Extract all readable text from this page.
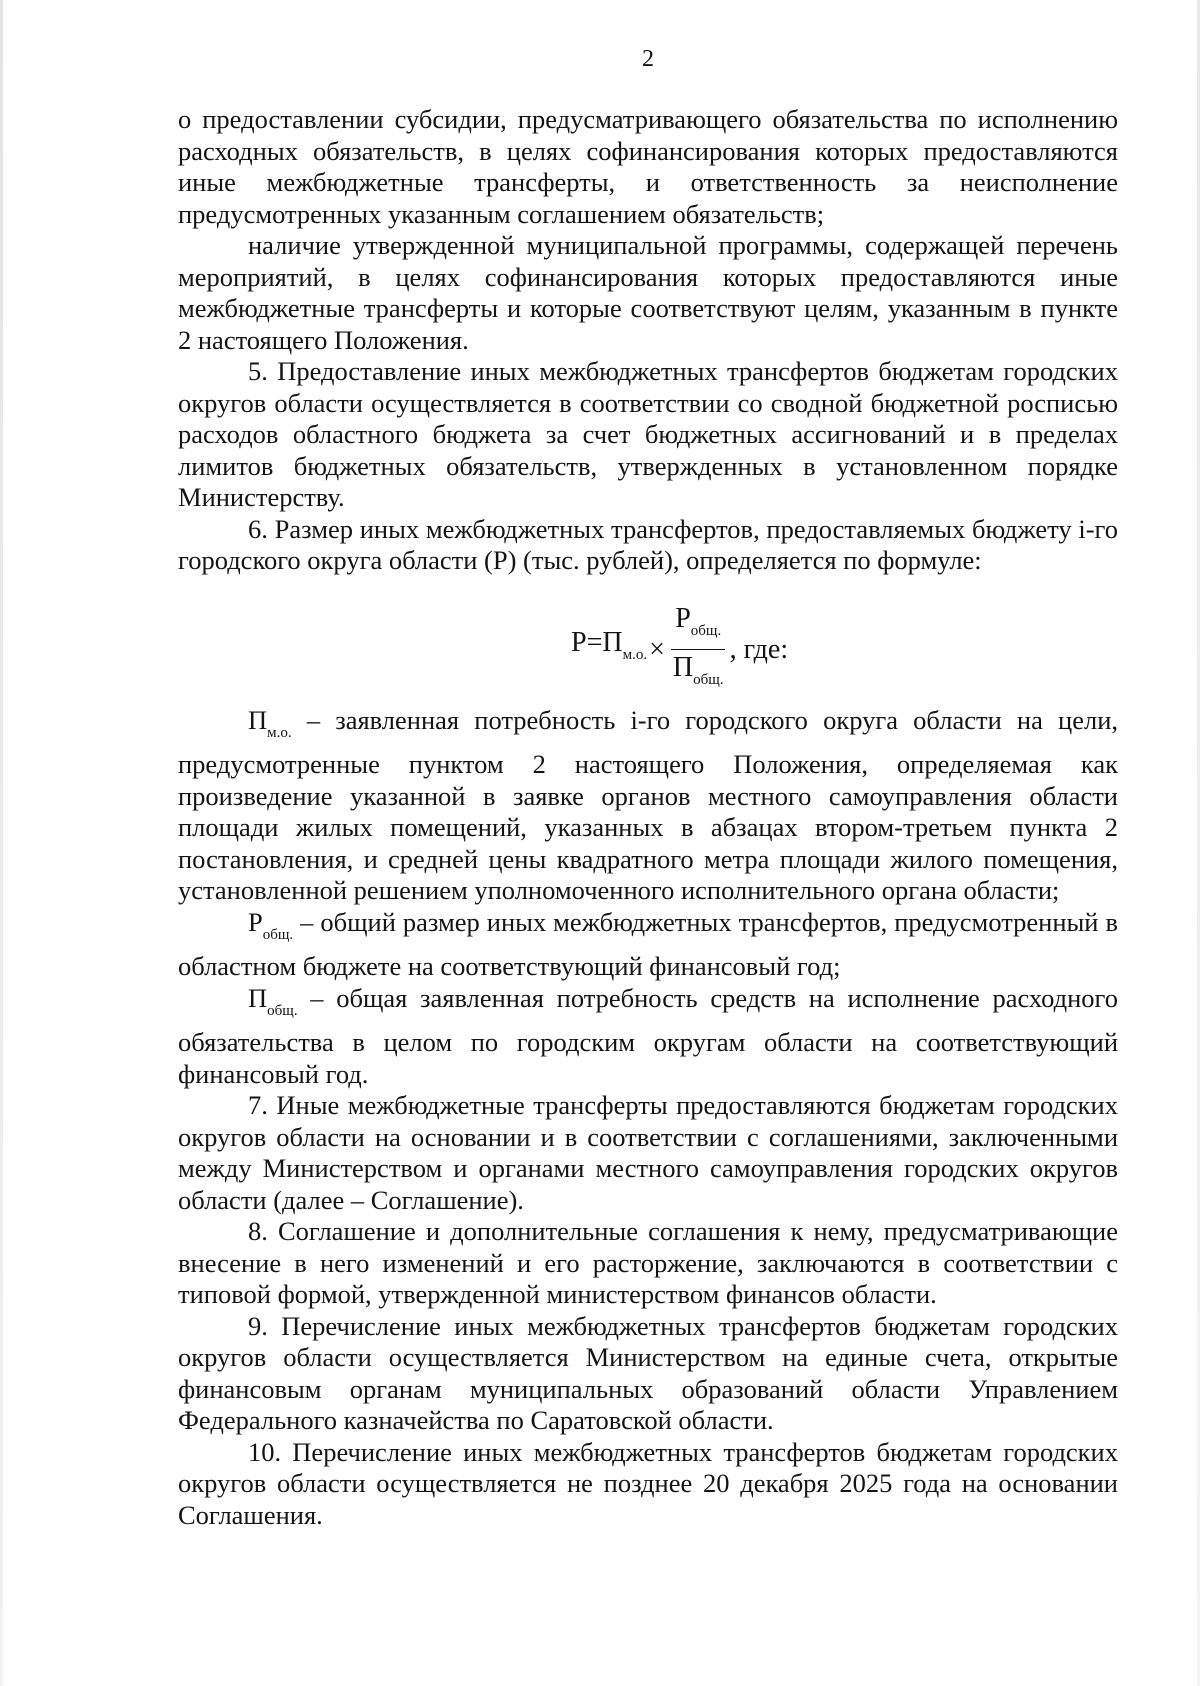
2

о предоставлении субсидии, предусматривающего обязательства по исполнению расходных обязательств, в целях софинансирования которых предоставляются иные межбюджетные трансферты, и ответственность за неисполнение предусмотренных указанным соглашением обязательств;

наличие утвержденной муниципальной программы, содержащей перечень мероприятий, в целях софинансирования которых предоставляются иные межбюджетные трансферты и которые соответствуют целям, указанным в пункте 2 настоящего Положения.

5. Предоставление иных межбюджетных трансфертов бюджетам городских округов области осуществляется в соответствии со сводной бюджетной росписью расходов областного бюджета за счет бюджетных ассигнований и в пределах лимитов бюджетных обязательств, утвержденных в установленном порядке Министерству.

6. Размер иных межбюджетных трансфертов, предоставляемых бюджету i-го городского округа области (P) (тыс. рублей), определяется по формуле:

$P=П_{м.о.} \times \frac{P_{общ.}}{П_{общ.}}$ , где:

$П_{м.о.}$ – заявленная потребность i-го городского округа области на цели, предусмотренные пунктом 2 настоящего Положения, определяемая как произведение указанной в заявке органов местного самоуправления области площади жилых помещений, указанных в абзацах втором-третьем пункта 2 постановления, и средней цены квадратного метра площади жилого помещения, установленной решением уполномоченного исполнительного органа области;

$P_{общ.}$ – общий размер иных межбюджетных трансфертов, предусмотренный в областном бюджете на соответствующий финансовый год;

$П_{общ.}$ – общая заявленная потребность средств на исполнение расходного обязательства в целом по городским округам области на соответствующий финансовый год.

7. Иные межбюджетные трансферты предоставляются бюджетам городских округов области на основании и в соответствии с соглашениями, заключенными между Министерством и органами местного самоуправления городских округов области (далее – Соглашение).

8. Соглашение и дополнительные соглашения к нему, предусматривающие внесение в него изменений и его расторжение, заключаются в соответствии с типовой формой, утвержденной министерством финансов области.

9. Перечисление иных межбюджетных трансфертов бюджетам городских округов области осуществляется Министерством на единые счета, открытые финансовым органам муниципальных образований области Управлением Федерального казначейства по Саратовской области.

10. Перечисление иных межбюджетных трансфертов бюджетам городских округов области осуществляется не позднее 20 декабря 2025 года на основании Соглашения.
